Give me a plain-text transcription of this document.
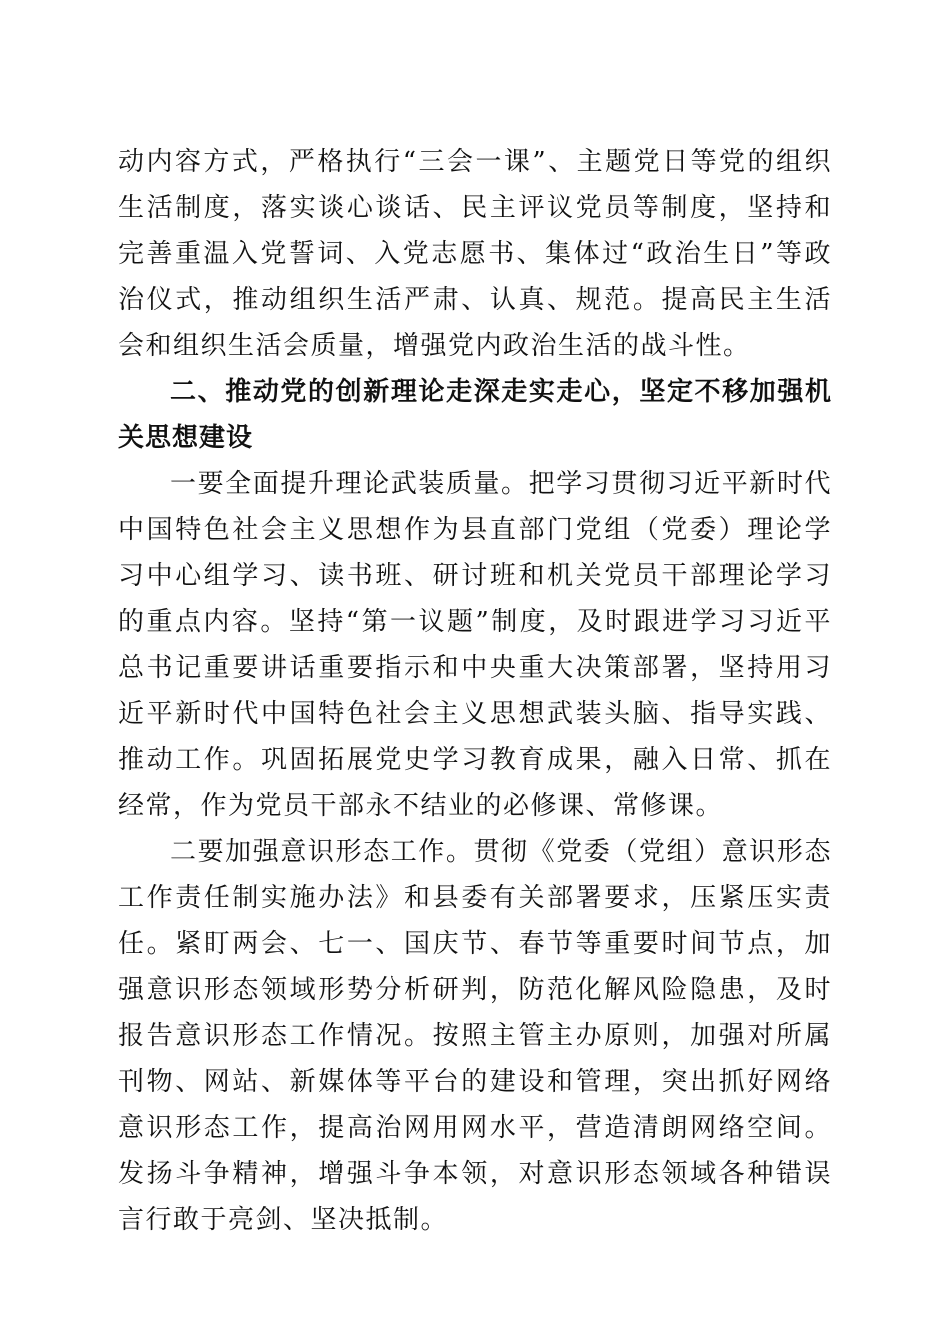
动内容方式，严格执行“三会一课”、主题党日等党的组织生活制度，落实谈心谈话、民主评议党员等制度，坚持和完善重温入党誓词、入党志愿书、集体过“政治生日”等政治仪式，推动组织生活严肃、认真、规范。提高民主生活会和组织生活会质量，增强党内政治生活的战斗性。

二、推动党的创新理论走深走实走心，坚定不移加强机关思想建设

一要全面提升理论武装质量。把学习贯彻习近平新时代中国特色社会主义思想作为县直部门党组（党委）理论学习中心组学习、读书班、研讨班和机关党员干部理论学习的重点内容。坚持“第一议题”制度，及时跟进学习习近平总书记重要讲话重要指示和中央重大决策部署，坚持用习近平新时代中国特色社会主义思想武装头脑、指导实践、推动工作。巩固拓展党史学习教育成果，融入日常、抓在经常，作为党员干部永不结业的必修课、常修课。

二要加强意识形态工作。贯彻《党委（党组）意识形态工作责任制实施办法》和县委有关部署要求，压紧压实责任。紧盯两会、七一、国庆节、春节等重要时间节点，加强意识形态领域形势分析研判，防范化解风险隐患，及时报告意识形态工作情况。按照主管主办原则，加强对所属刊物、网站、新媒体等平台的建设和管理，突出抓好网络意识形态工作，提高治网用网水平，营造清朗网络空间。发扬斗争精神，增强斗争本领，对意识形态领域各种错误言行敢于亮剑、坚决抵制。
